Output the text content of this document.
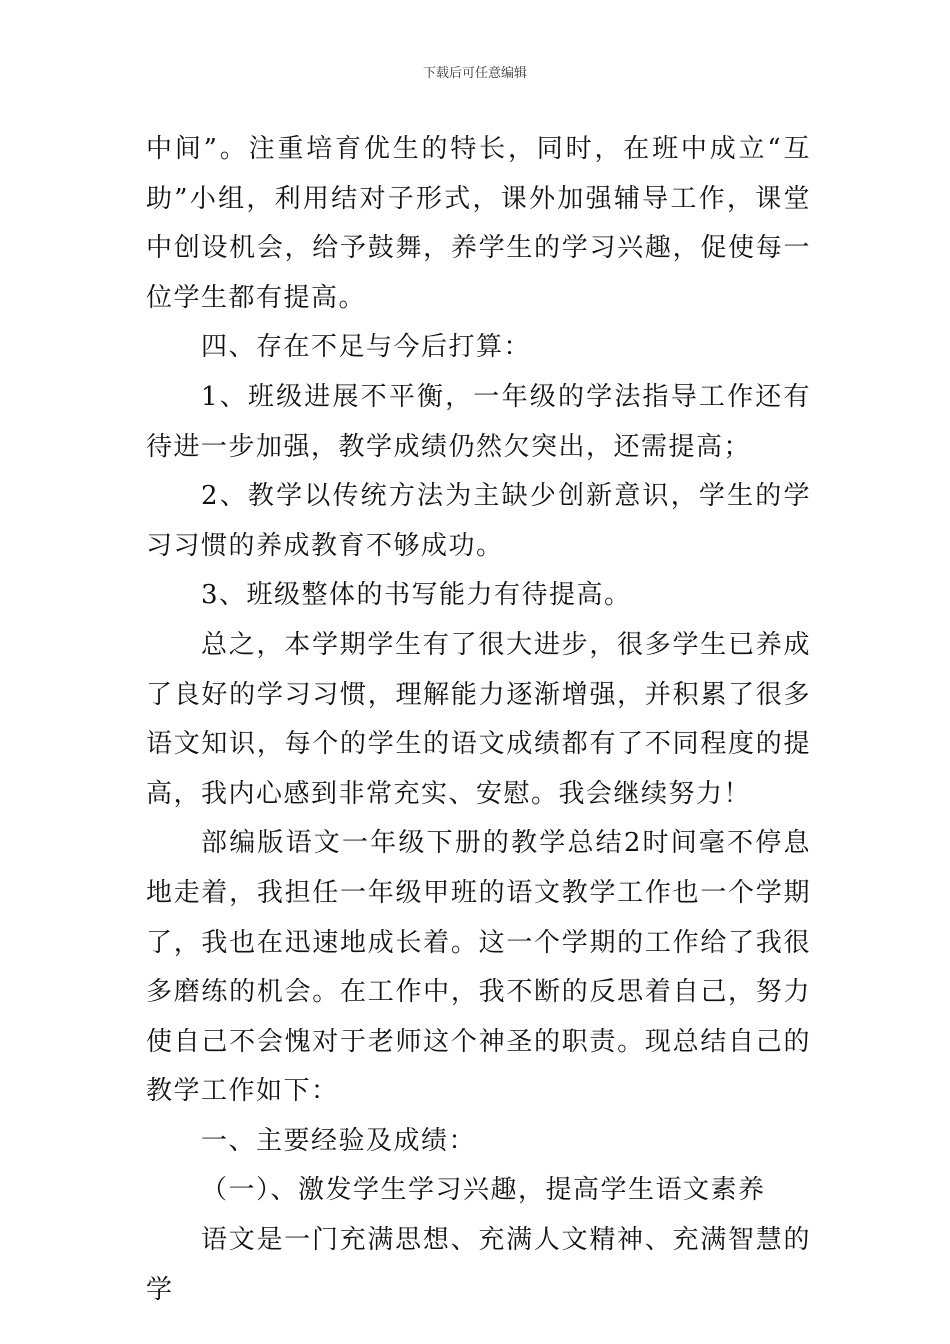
下载后可任意编辑

中间”。注重培育优生的特长，同时，在班中成立“互助”小组，利用结对子形式，课外加强辅导工作，课堂中创设机会，给予鼓舞，养学生的学习兴趣，促使每一位学生都有提高。

四、存在不足与今后打算：

1、班级进展不平衡，一年级的学法指导工作还有待进一步加强，教学成绩仍然欠突出，还需提高；

2、教学以传统方法为主缺少创新意识，学生的学习习惯的养成教育不够成功。

3、班级整体的书写能力有待提高。

总之，本学期学生有了很大进步，很多学生已养成了良好的学习习惯，理解能力逐渐增强，并积累了很多语文知识，每个的学生的语文成绩都有了不同程度的提高，我内心感到非常充实、安慰。我会继续努力！

部编版语文一年级下册的教学总结2时间毫不停息地走着，我担任一年级甲班的语文教学工作也一个学期了，我也在迅速地成长着。这一个学期的工作给了我很多磨练的机会。在工作中，我不断的反思着自己，努力使自己不会愧对于老师这个神圣的职责。现总结自己的教学工作如下：

一、主要经验及成绩：

（一）、激发学生学习兴趣，提高学生语文素养

语文是一门充满思想、充满人文精神、充满智慧的学
